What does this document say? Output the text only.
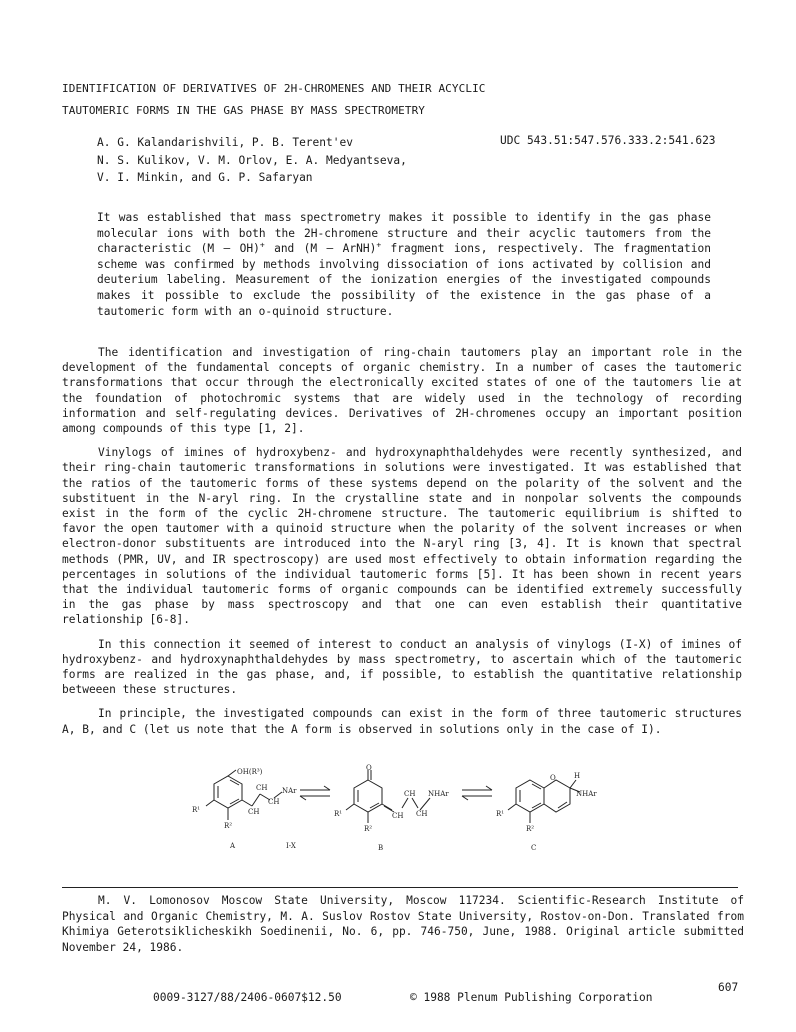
IDENTIFICATION OF DERIVATIVES OF 2H-CHROMENES AND THEIR ACYCLIC
TAUTOMERIC FORMS IN THE GAS PHASE BY MASS SPECTROMETRY
A. G. Kalandarishvili, P. B. Terent'ev
N. S. Kulikov, V. M. Orlov, E. A. Medyantseva,
V. I. Minkin, and G. P. Safaryan
UDC 543.51:547.576.333.2:541.623
It was established that mass spectrometry makes it possible to identify in the gas phase molecular ions with both the 2H-chromene structure and their acyclic tautomers from the characteristic (M — OH)+ and (M — ArNH)+ fragment ions, respectively. The fragmentation scheme was confirmed by methods involving dissociation of ions activated by collision and deuterium labeling. Measurement of the ionization energies of the investigated compounds makes it possible to exclude the possibility of the existence in the gas phase of a tautomeric form with an o-quinoid structure.

The identification and investigation of ring-chain tautomers play an important role in the development of the fundamental concepts of organic chemistry. In a number of cases the tautomeric transformations that occur through the electronically excited states of one of the tautomers lie at the foundation of photochromic systems that are widely used in the technology of recording information and self-regulating devices. Derivatives of 2H-chromenes occupy an important position among compounds of this type [1, 2].

Vinylogs of imines of hydroxybenz- and hydroxynaphthaldehydes were recently synthesized, and their ring-chain tautomeric transformations in solutions were investigated. It was established that the ratios of the tautomeric forms of these systems depend on the polarity of the solvent and the substituent in the N-aryl ring. In the crystalline state and in nonpolar solvents the compounds exist in the form of the cyclic 2H-chromene structure. The tautomeric equilibrium is shifted to favor the open tautomer with a quinoid structure when the polarity of the solvent increases or when electron-donor substituents are introduced into the N-aryl ring [3, 4]. It is known that spectral methods (PMR, UV, and IR spectroscopy) are used most effectively to obtain information regarding the percentages in solutions of the individual tautomeric forms [5]. It has been shown in recent years that the individual tautomeric forms of organic compounds can be identified extremely successfully in the gas phase by mass spectroscopy and that one can even establish their quantitative relationship [6-8].

In this connection it seemed of interest to conduct an analysis of vinylogs (I-X) of imines of hydroxybenz- and hydroxynaphthaldehydes by mass spectrometry, to ascertain which of the tautomeric forms are realized in the gas phase, and, if possible, to establish the quantitative relationship betweeen these structures.

In principle, the investigated compounds can exist in the form of three tautomeric structures A, B, and C (let us note that the A form is observed in solutions only in the case of I).

OH(R³)
R¹
R²
CH
CH
CH
NAr
O
R¹
R²
CH
CH
CH
NHAr
O	H
NHAr
R¹
R²
A	I-X	B	C
M. V. Lomonosov Moscow State University, Moscow 117234. Scientific-Research Institute of Physical and Organic Chemistry, M. A. Suslov Rostov State University, Rostov-on-Don. Translated from Khimiya Geterotsiklicheskikh Soedinenii, No. 6, pp. 746-750, June, 1988. Original article submitted November 24, 1986.
607
0009-3127/88/2406-0607$12.50	© 1988 Plenum Publishing Corporation
